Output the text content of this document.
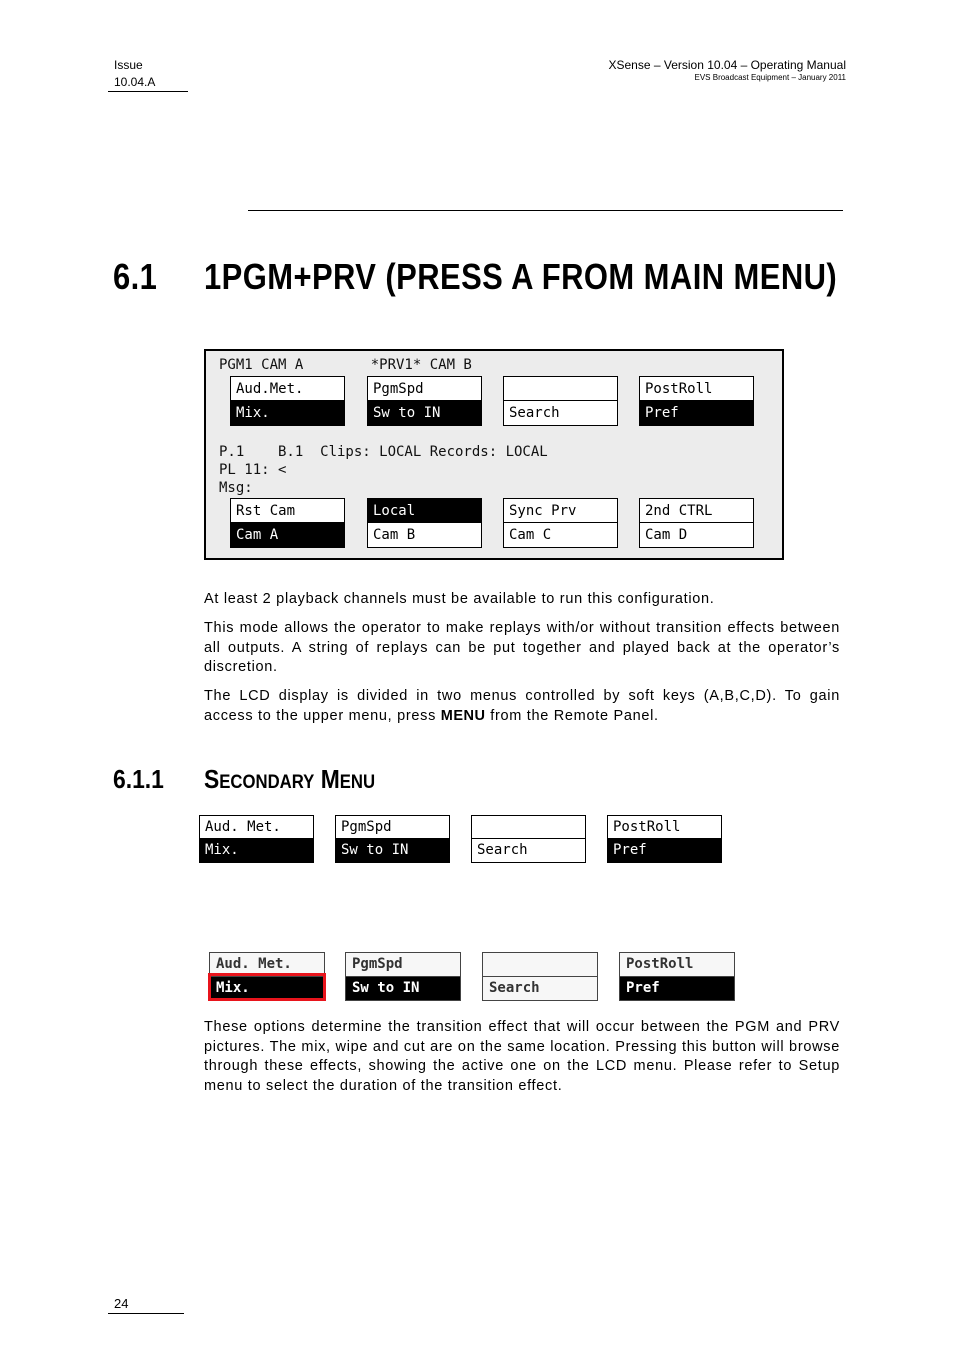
Issue
10.04.A
XSense – Version 10.04 – Operating Manual
EVS Broadcast Equipment – January 2011
6.1 1PGM+PRV (PRESS A FROM MAIN MENU)
PGM1 CAM A        *PRV1* CAM B
Aud.Met.
Mix.
PgmSpd
Sw to IN	Search
PostRoll
Pref
P.1    B.1  Clips: LOCAL Records: LOCAL
PL 11: <
Msg:
Rst Cam
Cam A
Local
Cam B
Sync Prv
Cam C
2nd CTRL
Cam D
At least 2 playback channels must be available to run this configuration.
This mode allows the operator to make replays with/or without transition effects between all outputs. A string of replays can be put together and played back at the operator’s discretion.
The LCD display is divided in two menus controlled by soft keys (A,B,C,D). To gain access to the upper menu, press MENU from the Remote Panel.
6.1.1 SECONDARY MENU
Aud. Met.
Mix.
PgmSpd
Sw to IN	Search
PostRoll
Pref
Aud. Met.
Mix.
PgmSpd
Sw to IN	Search
PostRoll
Pref
These options determine the transition effect that will occur between the PGM and PRV pictures. The mix, wipe and cut are on the same location. Pressing this button will browse through these effects, showing the active one on the LCD menu. Please refer to Setup menu to select the duration of the transition effect.
24
